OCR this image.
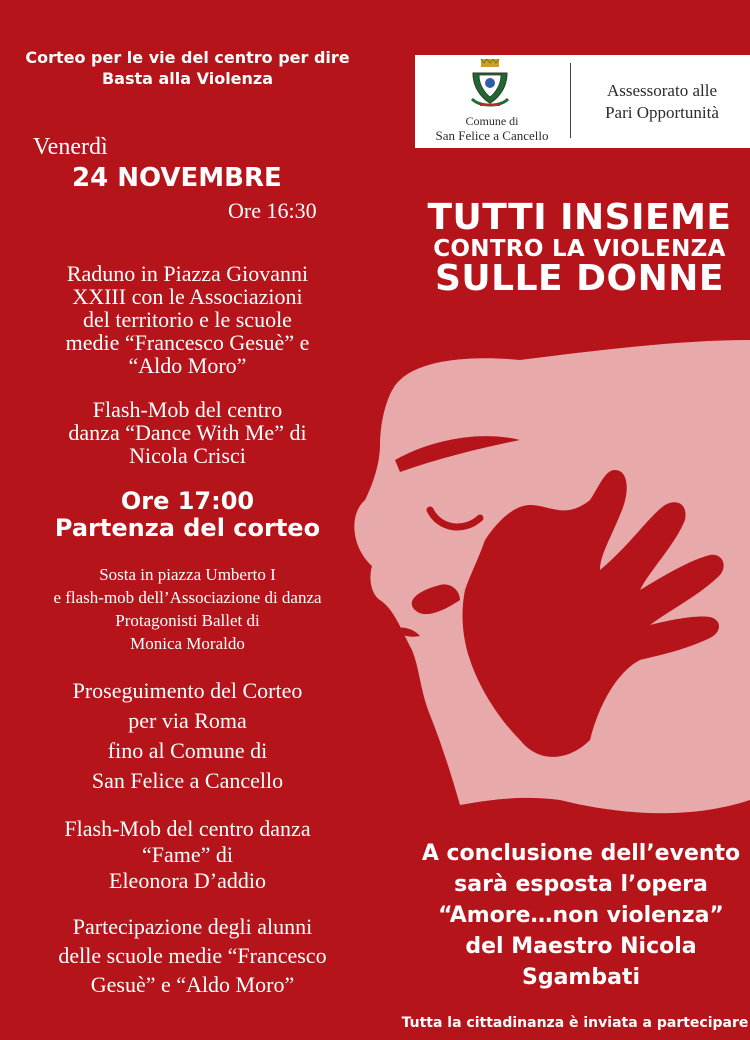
Corteo per le vie del centro per dire
Basta alla Violenza
Venerdì
24 NOVEMBRE
Ore 16:30
Raduno in Piazza Giovanni
XXIII con le Associazioni
del territorio e le scuole
medie “Francesco Gesuè” e
“Aldo Moro”
Flash-Mob del centro
danza “Dance With Me” di
Nicola Crisci
Ore 17:00
Partenza del corteo
Sosta in piazza Umberto I
e flash-mob dell’Associazione di danza
Protagonisti Ballet di
Monica Moraldo
Proseguimento del Corteo
per via Roma
fino al Comune di
San Felice a Cancello
Flash-Mob del centro danza
“Fame” di
Eleonora D’addio
Partecipazione degli alunni
delle scuole medie “Francesco
Gesuè” e “Aldo Moro”
Comune di
San Felice a Cancello
Assessorato alle
Pari Opportunità
TUTTI INSIEME
CONTRO LA VIOLENZA
SULLE DONNE
A conclusione dell’evento
sarà esposta l’opera
“Amore…non violenza”
del Maestro Nicola
Sgambati
Tutta la cittadinanza è inviata a partecipare
